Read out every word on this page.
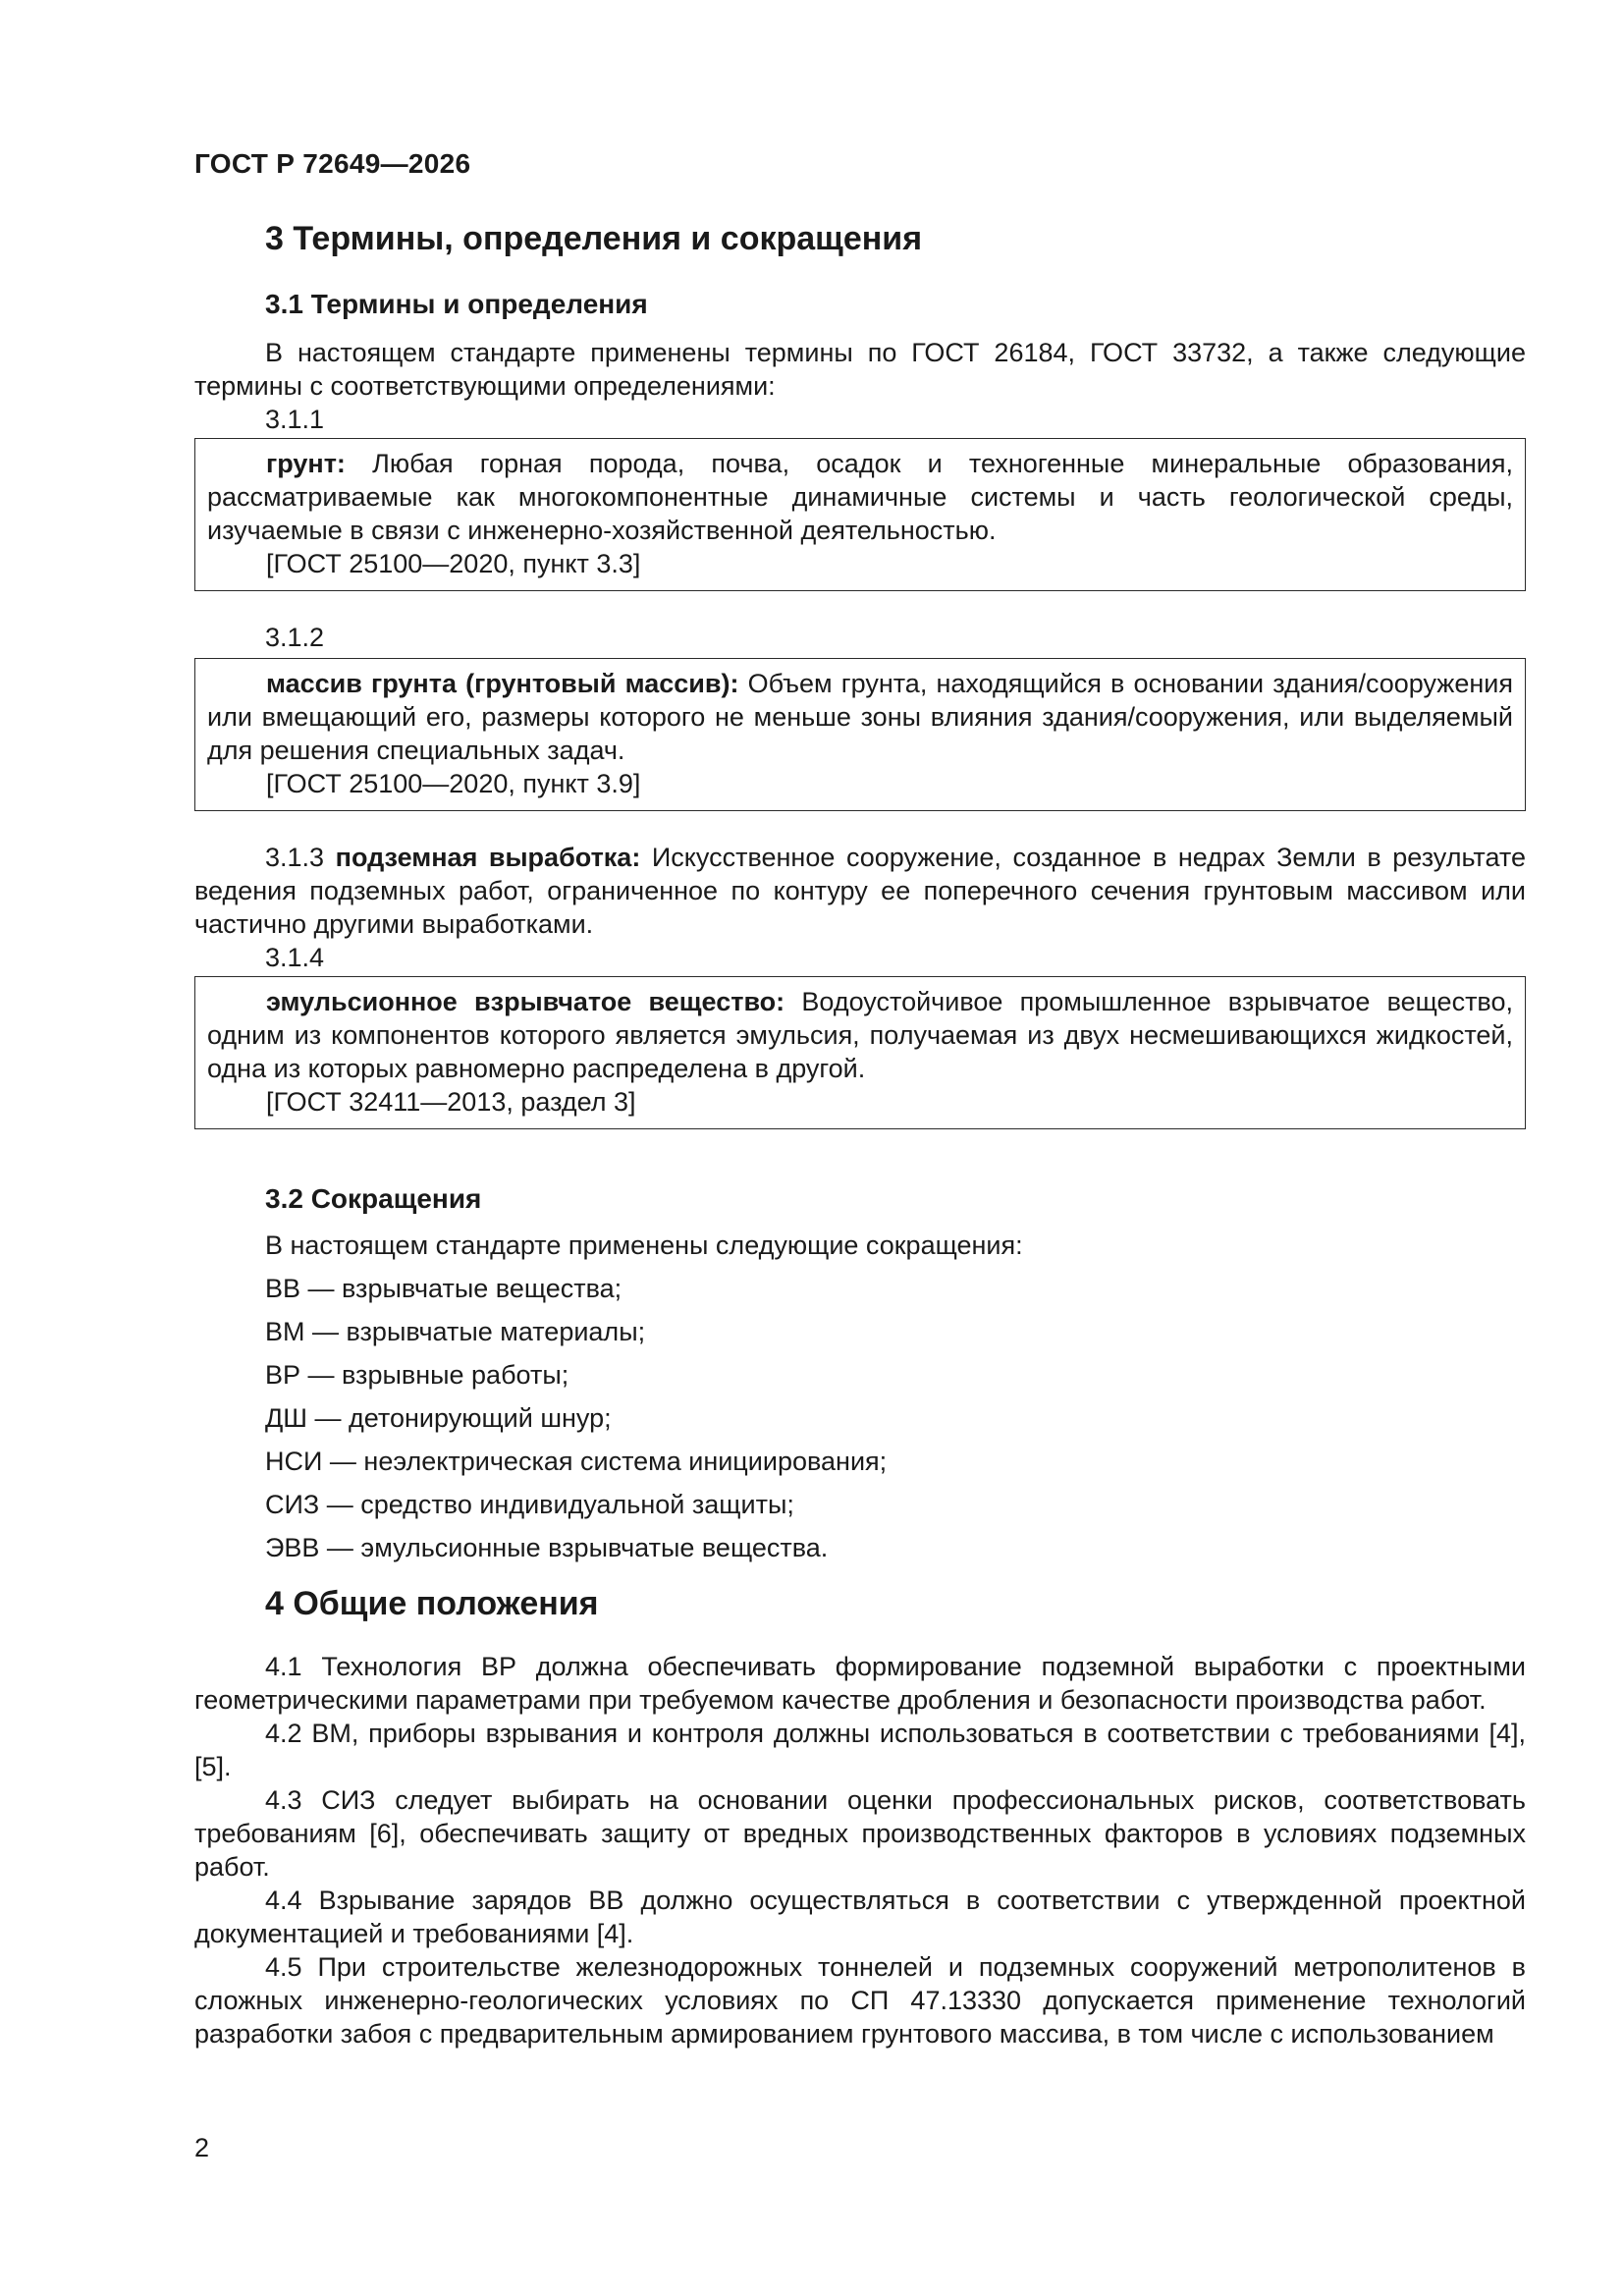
ГОСТ Р 72649—2026
3 Термины, определения и сокращения
3.1 Термины и определения
В настоящем стандарте применены термины по ГОСТ 26184, ГОСТ 33732, а также следующие термины с соответствующими определениями:
3.1.1

грунт: Любая горная порода, почва, осадок и техногенные минеральные образования, рассматриваемые как многокомпонентные динамичные системы и часть геологической среды, изучаемые в связи с инженерно-хозяйственной деятельностью.

[ГОСТ 25100—2020, пункт 3.3]

3.1.2

массив грунта (грунтовый массив): Объем грунта, находящийся в основании здания/сооружения или вмещающий его, размеры которого не меньше зоны влияния здания/сооружения, или выделяемый для решения специальных задач.

[ГОСТ 25100—2020, пункт 3.9]

3.1.3 подземная выработка: Искусственное сооружение, созданное в недрах Земли в результате ведения подземных работ, ограниченное по контуру ее поперечного сечения грунтовым массивом или частично другими выработками.
3.1.4

эмульсионное взрывчатое вещество: Водоустойчивое промышленное взрывчатое вещество, одним из компонентов которого является эмульсия, получаемая из двух несмешивающихся жидкостей, одна из которых равномерно распределена в другой.

[ГОСТ 32411—2013, раздел 3]

3.2 Сокращения
В настоящем стандарте применены следующие сокращения:
ВВ — взрывчатые вещества;
ВМ — взрывчатые материалы;
ВР — взрывные работы;
ДШ — детонирующий шнур;
НСИ — неэлектрическая система инициирования;
СИЗ — средство индивидуальной защиты;
ЭВВ — эмульсионные взрывчатые вещества.
4 Общие положения
4.1 Технология ВР должна обеспечивать формирование подземной выработки с проектными геометрическими параметрами при требуемом качестве дробления и безопасности производства работ.
4.2 ВМ, приборы взрывания и контроля должны использоваться в соответствии с требованиями [4], [5].
4.3 СИЗ следует выбирать на основании оценки профессиональных рисков, соответствовать требованиям [6], обеспечивать защиту от вредных производственных факторов в условиях подземных работ.
4.4 Взрывание зарядов ВВ должно осуществляться в соответствии с утвержденной проектной документацией и требованиями [4].
4.5 При строительстве железнодорожных тоннелей и подземных сооружений метрополитенов в сложных инженерно-геологических условиях по СП 47.13330 допускается применение технологий разработки забоя с предварительным армированием грунтового массива, в том числе с использованием
2
